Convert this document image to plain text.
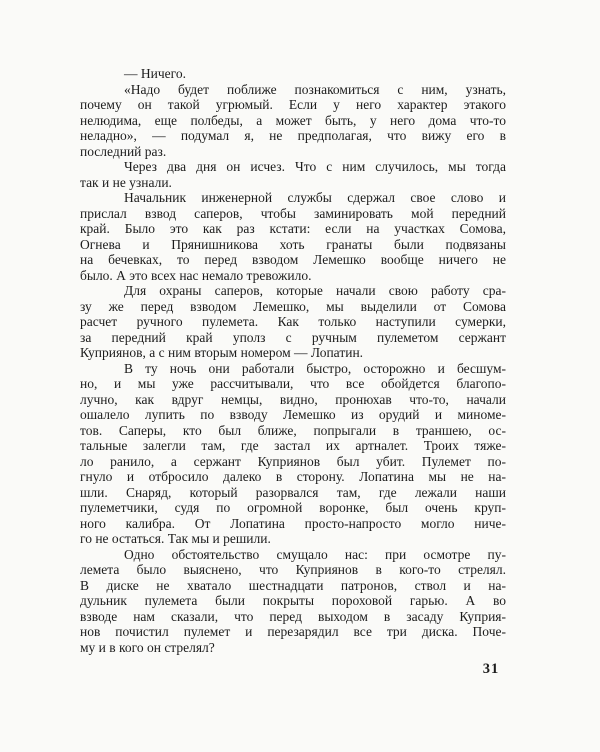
— Ничего.
«Надо будет поближе познакомиться с ним, узнать,
почему он такой угрюмый. Если у него характер этакого
нелюдима, еще полбеды, а может быть, у него дома что-то
неладно», — подумал я, не предполагая, что вижу его в
последний раз.
Через два дня он исчез. Что с ним случилось, мы тогда
так и не узнали.
Начальник инженерной службы сдержал свое слово и
прислал взвод саперов, чтобы заминировать мой передний
край. Было это как раз кстати: если на участках Сомова,
Огнева и Прянишникова хоть гранаты были подвязаны
на бечевках, то перед взводом Лемешко вообще ничего не
было. А это всех нас немало тревожило.
Для охраны саперов, которые начали свою работу сра-
зу же перед взводом Лемешко, мы выделили от Сомова
расчет ручного пулемета. Как только наступили сумерки,
за передний край уполз с ручным пулеметом сержант
Куприянов, а с ним вторым номером — Лопатин.
В ту ночь они работали быстро, осторожно и бесшум-
но, и мы уже рассчитывали, что все обойдется благопо-
лучно, как вдруг немцы, видно, пронюхав что-то, начали
ошалело лупить по взводу Лемешко из орудий и миноме-
тов. Саперы, кто был ближе, попрыгали в траншею, ос-
тальные залегли там, где застал их артналет. Троих тяже-
ло ранило, а сержант Куприянов был убит. Пулемет по-
гнуло и отбросило далеко в сторону. Лопатина мы не на-
шли. Снаряд, который разорвался там, где лежали наши
пулеметчики, судя по огромной воронке, был очень круп-
ного калибра. От Лопатина просто-напросто могло ниче-
го не остаться. Так мы и решили.
Одно обстоятельство смущало нас: при осмотре пу-
лемета было выяснено, что Куприянов в кого-то стрелял.
В диске не хватало шестнадцати патронов, ствол и на-
дульник пулемета были покрыты пороховой гарью. А во
взводе нам сказали, что перед выходом в засаду Куприя-
нов почистил пулемет и перезарядил все три диска. Поче-
му и в кого он стрелял?
31
